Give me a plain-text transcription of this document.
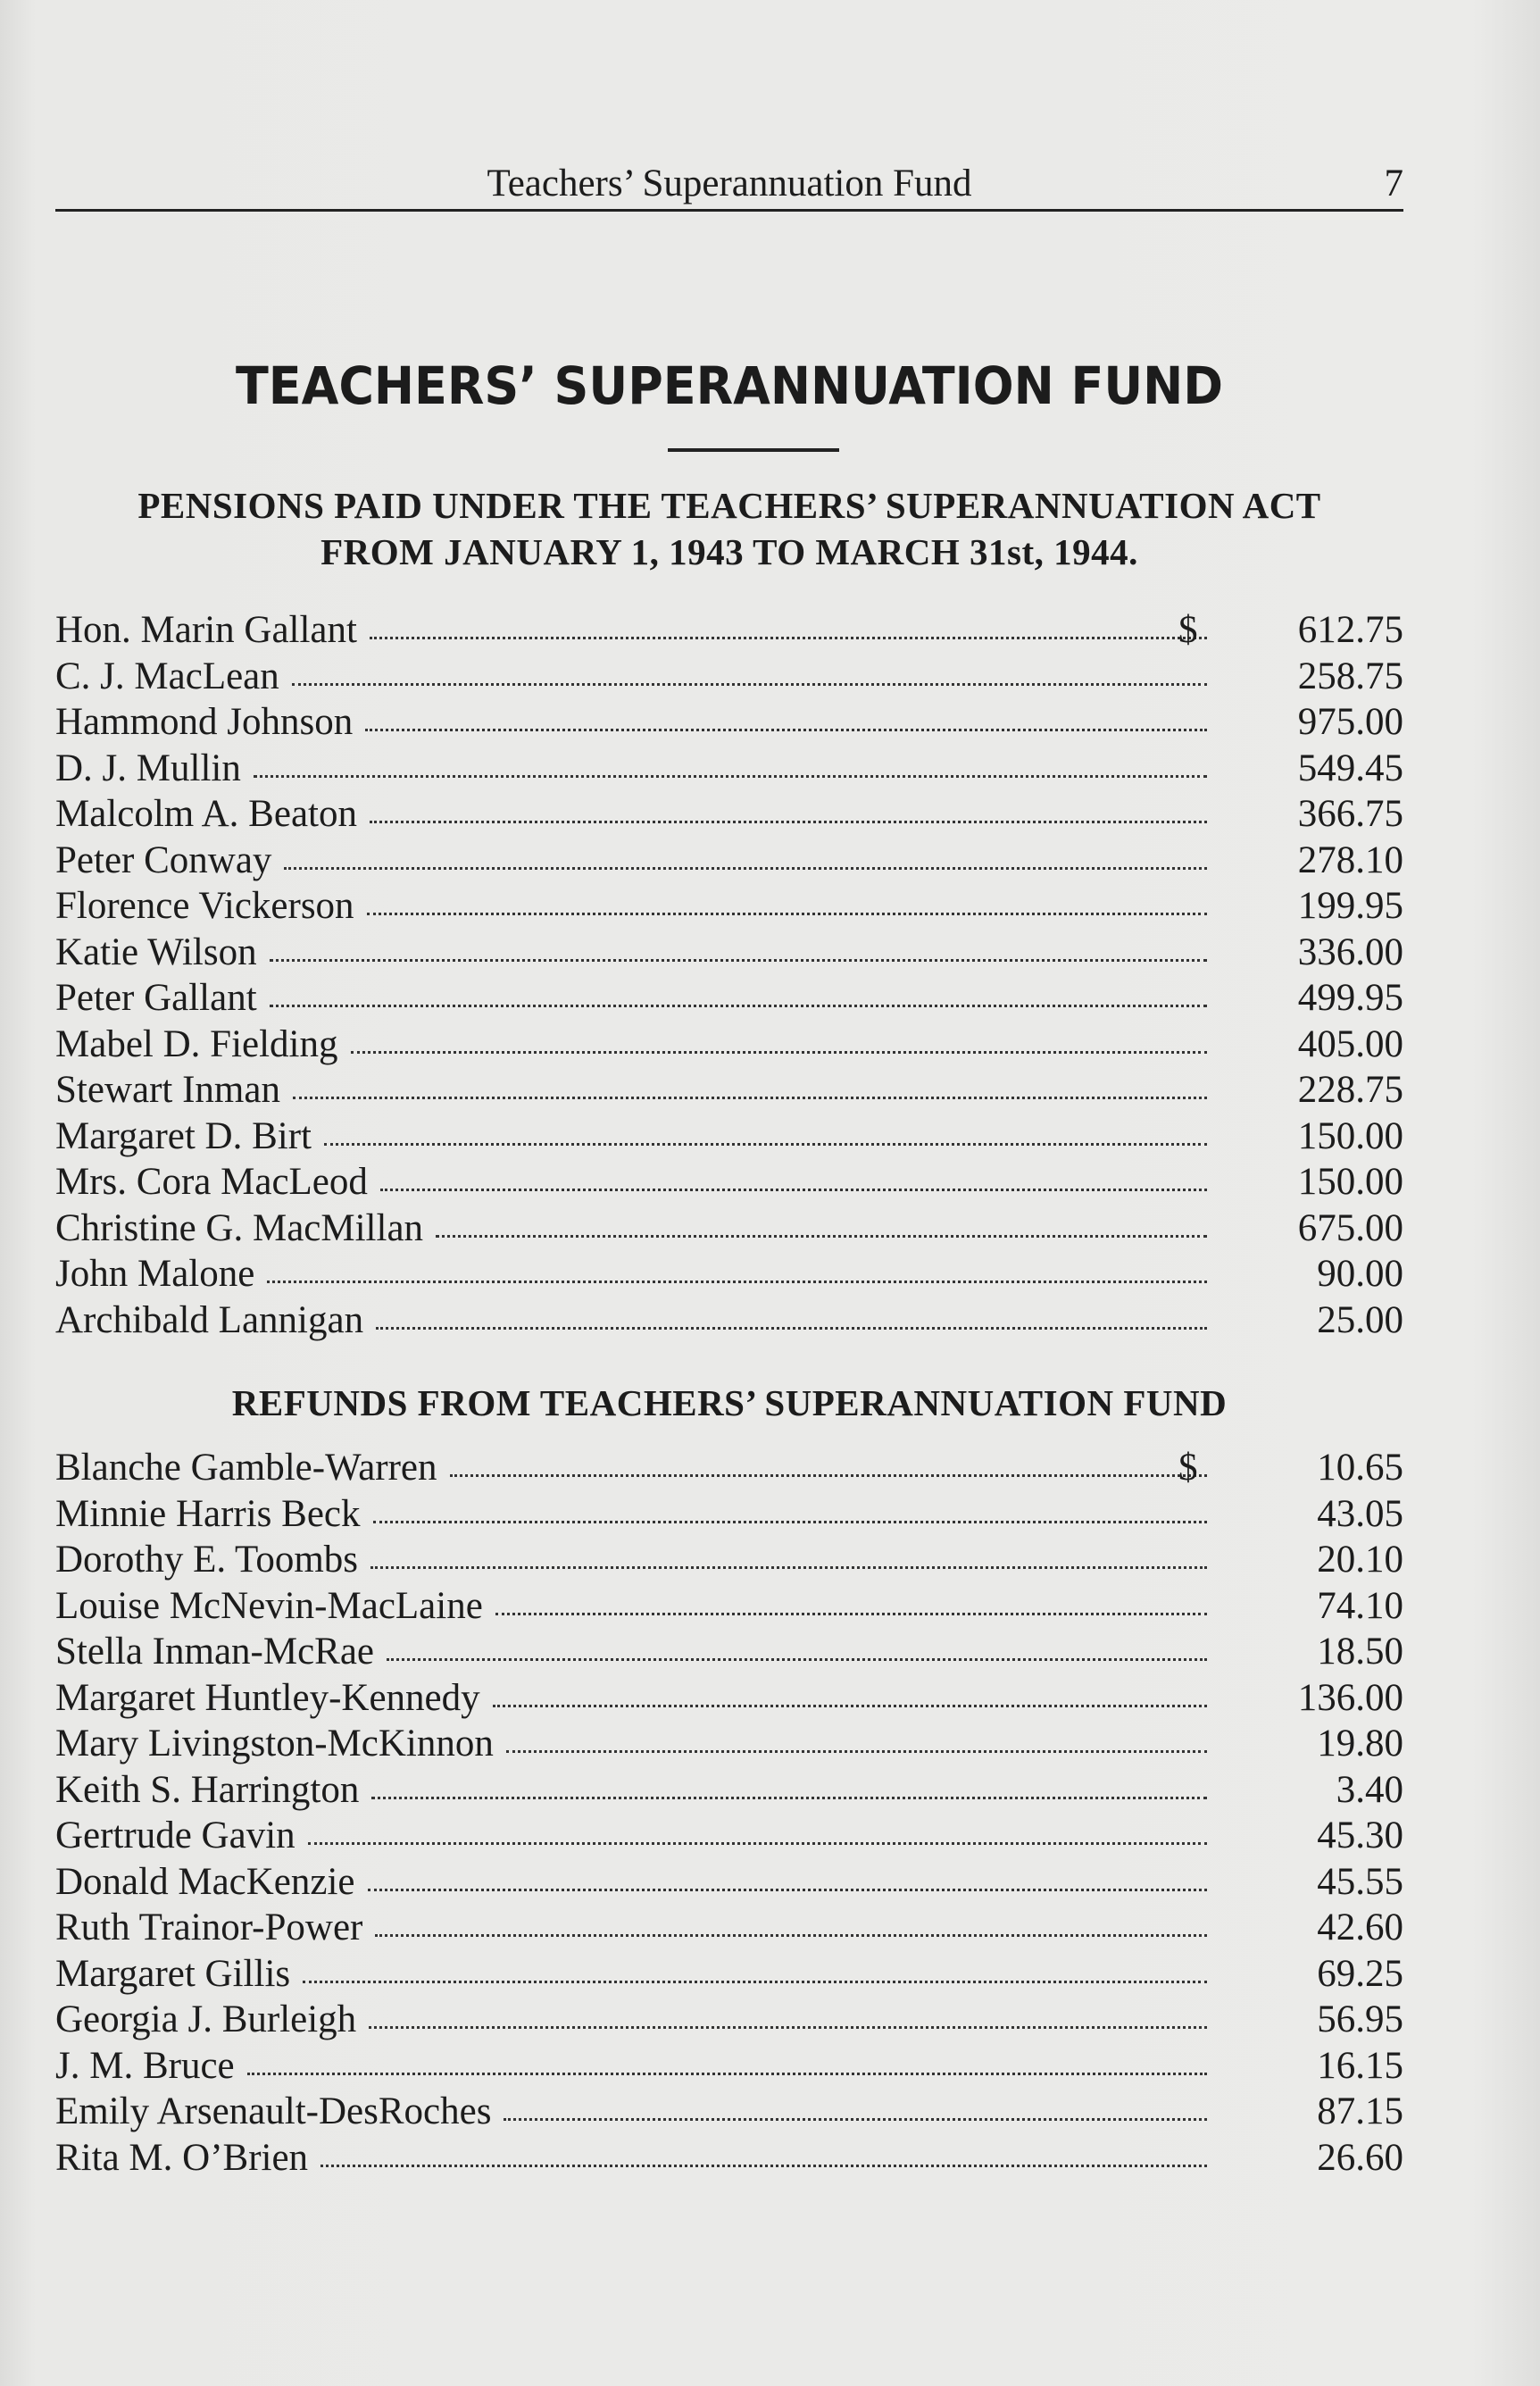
Teachers’ Superannuation Fund	7
TEACHERS’ SUPERANNUATION FUND
PENSIONS PAID UNDER THE TEACHERS’ SUPERANNUATION ACT
FROM JANUARY 1, 1943 TO MARCH 31st, 1944.
Hon. Marin Gallant	$	612.75
C. J. MacLean	258.75
Hammond Johnson	975.00
D. J. Mullin	549.45
Malcolm A. Beaton	366.75
Peter Conway	278.10
Florence Vickerson	199.95
Katie Wilson	336.00
Peter Gallant	499.95
Mabel D. Fielding	405.00
Stewart Inman	228.75
Margaret D. Birt	150.00
Mrs. Cora MacLeod	150.00
Christine G. MacMillan	675.00
John Malone	90.00
Archibald Lannigan	25.00
REFUNDS FROM TEACHERS’ SUPERANNUATION FUND
Blanche Gamble-Warren	$	10.65
Minnie Harris Beck	43.05
Dorothy E. Toombs	20.10
Louise McNevin-MacLaine	74.10
Stella Inman-McRae	18.50
Margaret Huntley-Kennedy	136.00
Mary Livingston-McKinnon	19.80
Keith S. Harrington	3.40
Gertrude Gavin	45.30
Donald MacKenzie	45.55
Ruth Trainor-Power	42.60
Margaret Gillis	69.25
Georgia J. Burleigh	56.95
J. M. Bruce	16.15
Emily Arsenault-DesRoches	87.15
Rita M. O’Brien	26.60
